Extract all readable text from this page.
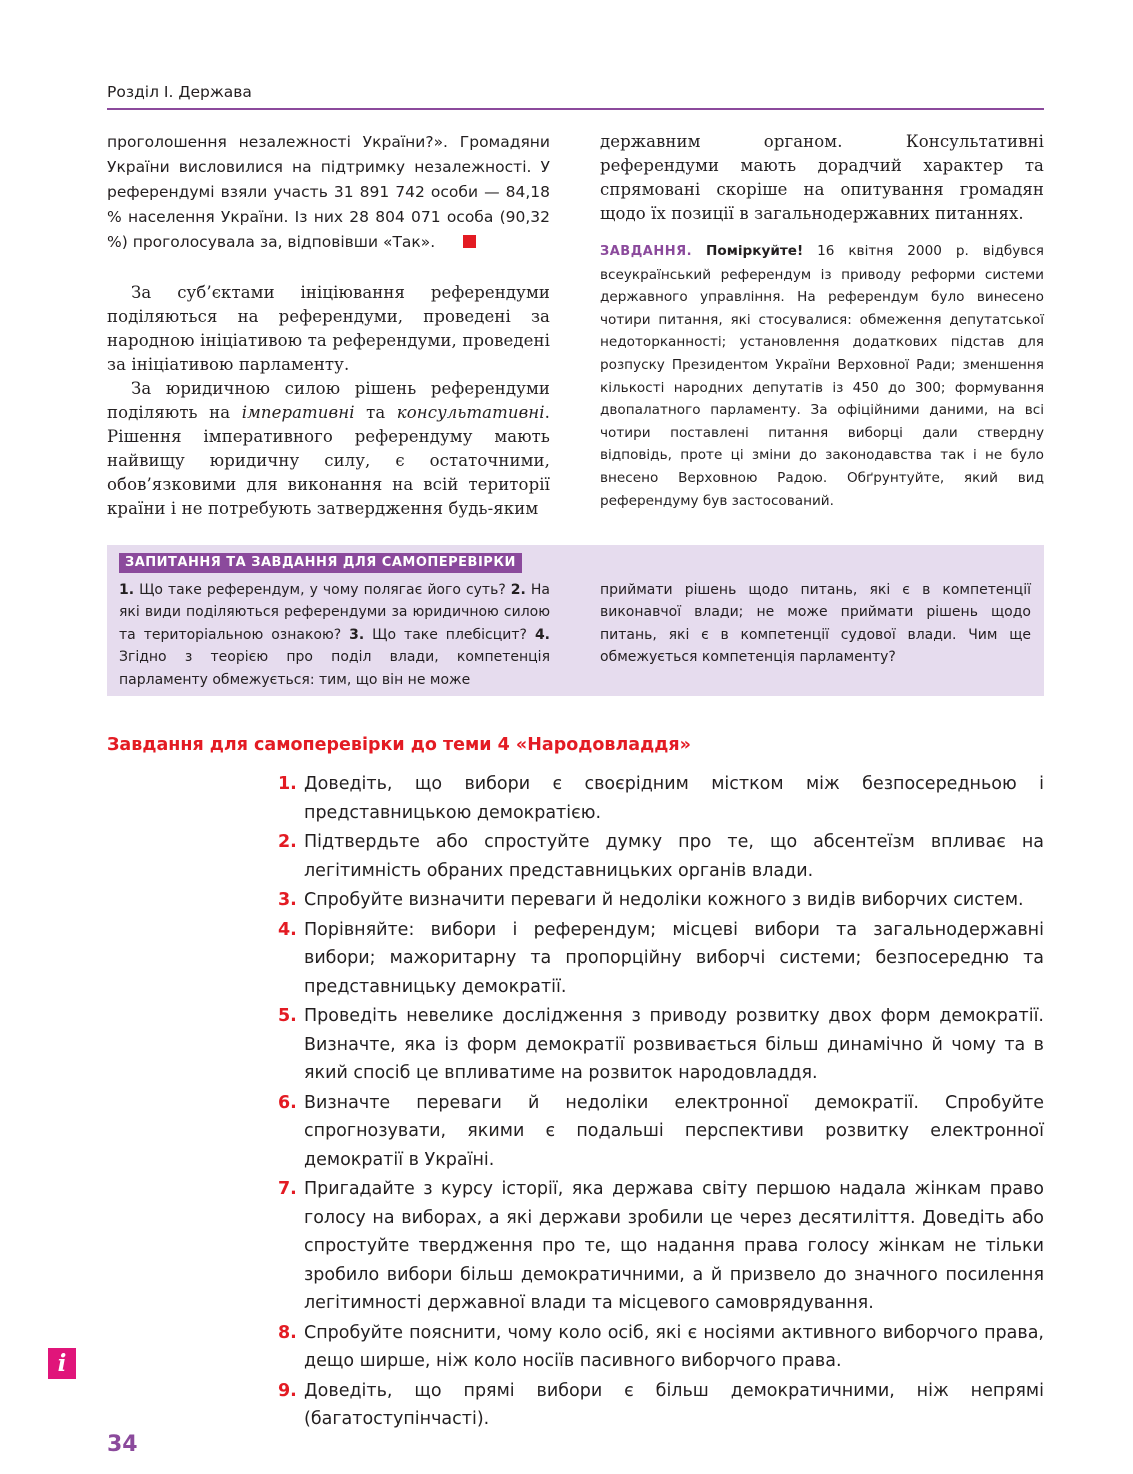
Розділ І. Держава

проголошення незалежності України?». Громадяни України висловилися на підтримку незалежності. У референдумі взяли участь 31 891 742 особи — 84,18 % населення України. Із них 28 804 071 особа (90,32 %) проголосувала за, відповівши «Так».

За суб’єктами ініціювання референдуми поділяються на референдуми, проведені за народною ініціативою та референдуми, проведені за ініціативою парламенту.

За юридичною силою рішень референдуми поділяють на імперативні та консультативні. Рішення імперативного референдуму мають найвищу юридичну силу, є остаточними, обов’язковими для виконання на всій території країни і не потребують затвердження будь-яким

державним органом. Консультативні референдуми мають дорадчий характер та спрямовані скоріше на опитування громадян щодо їх позиції в загальнодержавних питаннях.

ЗАВДАННЯ. Поміркуйте! 16 квітня 2000 р. відбувся всеукраїнський референдум із приводу реформи системи державного управління. На референдум було винесено чотири питання, які стосувалися: обмеження депутатської недоторканності; установлення додаткових підстав для розпуску Президентом України Верховної Ради; зменшення кількості народних депутатів із 450 до 300; формування двопалатного парламенту. За офіційними даними, на всі чотири поставлені питання виборці дали ствердну відповідь, проте ці зміни до законодавства так і не було внесено Верховною Радою. Обґрунтуйте, який вид референдуму був застосований.

ЗАПИТАННЯ ТА ЗАВДАННЯ ДЛЯ САМОПЕРЕВІРКИ

1. Що таке референдум, у чому полягає його суть? 2. На які види поділяються референдуми за юридичною силою та територіальною ознакою? 3. Що таке плебісцит? 4. Згідно з теорією про поділ влади, компетенція парламенту обмежується: тим, що він не може

приймати рішень щодо питань, які є в компетенції виконавчої влади; не може приймати рішень щодо питань, які є в компетенції судової влади. Чим ще обмежується компетенція парламенту?

Завдання для самоперевірки до теми 4 «Народовладдя»
1. Доведіть, що вибори є своєрідним містком між безпосередньою і представницькою демократією.
2. Підтвердьте або спростуйте думку про те, що абсентеїзм впливає на легітимність обраних представницьких органів влади.
3. Спробуйте визначити переваги й недоліки кожного з видів виборчих систем.
4. Порівняйте: вибори і референдум; місцеві вибори та загальнодержавні вибори; мажоритарну та пропорційну виборчі системи; безпосередню та представницьку демократії.
5. Проведіть невелике дослідження з приводу розвитку двох форм демократії. Визначте, яка із форм демократії розвивається більш динамічно й чому та в який спосіб це впливатиме на розвиток народовладдя.
6. Визначте переваги й недоліки електронної демократії. Спробуйте спрогнозувати, якими є подальші перспективи розвитку електронної демократії в Україні.
7. Пригадайте з курсу історії, яка держава світу першою надала жінкам право голосу на виборах, а які держави зробили це через десятиліття. Доведіть або спростуйте твердження про те, що надання права голосу жінкам не тільки зробило вибори більш демократичними, а й призвело до значного посилення легітимності державної влади та місцевого самоврядування.
8. Спробуйте пояснити, чому коло осіб, які є носіями активного виборчого права, дещо ширше, ніж коло носіїв пасивного виборчого права.
9. Доведіть, що прямі вибори є більш демократичними, ніж непрямі (багатоступінчасті).
i
34
